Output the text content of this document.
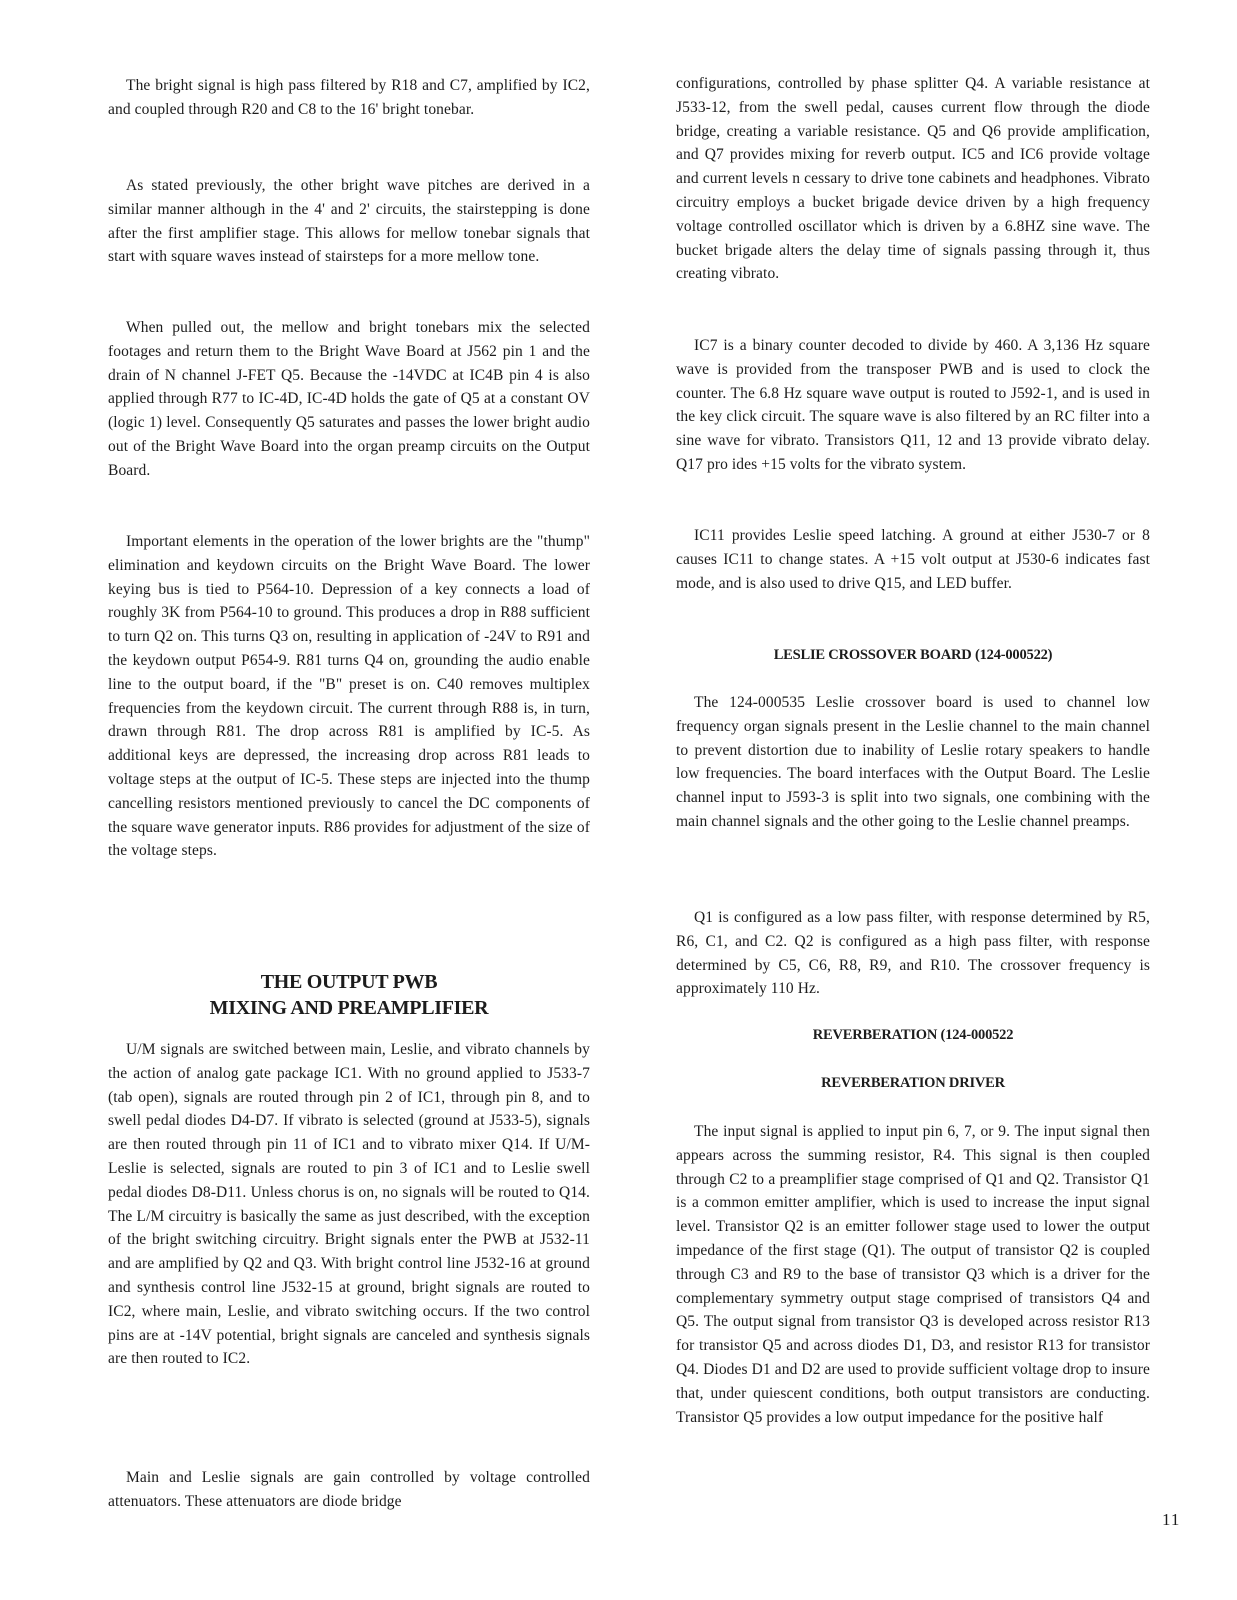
The bright signal is high pass filtered by R18 and C7, amplified by IC2, and coupled through R20 and C8 to the 16' bright tonebar.

As stated previously, the other bright wave pitches are derived in a similar manner although in the 4' and 2' circuits, the stairstepping is done after the first amplifier stage. This allows for mellow tonebar signals that start with square waves instead of stairsteps for a more mellow tone.

When pulled out, the mellow and bright tonebars mix the selected footages and return them to the Bright Wave Board at J562 pin 1 and the drain of N channel J-FET Q5. Because the -14VDC at IC4B pin 4 is also applied through R77 to IC-4D, IC-4D holds the gate of Q5 at a constant OV (logic 1) level. Consequently Q5 saturates and passes the lower bright audio out of the Bright Wave Board into the organ preamp circuits on the Output Board.

Important elements in the operation of the lower brights are the "thump" elimination and keydown circuits on the Bright Wave Board. The lower keying bus is tied to P564-10. Depression of a key connects a load of roughly 3K from P564-10 to ground. This produces a drop in R88 sufficient to turn Q2 on. This turns Q3 on, resulting in application of -24V to R91 and the keydown output P654-9. R81 turns Q4 on, grounding the audio enable line to the output board, if the "B" preset is on. C40 removes multiplex frequencies from the keydown circuit. The current through R88 is, in turn, drawn through R81. The drop across R81 is amplified by IC-5. As additional keys are depressed, the increasing drop across R81 leads to voltage steps at the output of IC-5. These steps are injected into the thump cancelling resistors mentioned previously to cancel the DC components of the square wave generator inputs. R86 provides for adjustment of the size of the voltage steps.

THE OUTPUT PWB
MIXING AND PREAMPLIFIER

U/M signals are switched between main, Leslie, and vibrato channels by the action of analog gate package IC1. With no ground applied to J533-7 (tab open), signals are routed through pin 2 of IC1, through pin 8, and to swell pedal diodes D4-D7. If vibrato is selected (ground at J533-5), signals are then routed through pin 11 of IC1 and to vibrato mixer Q14. If U/M-Leslie is selected, signals are routed to pin 3 of IC1 and to Leslie swell pedal diodes D8-D11. Unless chorus is on, no signals will be routed to Q14. The L/M circuitry is basically the same as just described, with the exception of the bright switching circuitry. Bright signals enter the PWB at J532-11 and are amplified by Q2 and Q3. With bright control line J532-16 at ground and synthesis control line J532-15 at ground, bright signals are routed to IC2, where main, Leslie, and vibrato switching occurs. If the two control pins are at -14V potential, bright signals are canceled and synthesis signals are then routed to IC2.

Main and Leslie signals are gain controlled by voltage controlled attenuators. These attenuators are diode bridge

configurations, controlled by phase splitter Q4. A variable resistance at J533-12, from the swell pedal, causes current flow through the diode bridge, creating a variable resistance. Q5 and Q6 provide amplification, and Q7 provides mixing for reverb output. IC5 and IC6 provide voltage and current levels n cessary to drive tone cabinets and headphones. Vibrato circuitry employs a bucket brigade device driven by a high frequency voltage controlled oscillator which is driven by a 6.8HZ sine wave. The bucket brigade alters the delay time of signals passing through it, thus creating vibrato.

IC7 is a binary counter decoded to divide by 460. A 3,136 Hz square wave is provided from the transposer PWB and is used to clock the counter. The 6.8 Hz square wave output is routed to J592-1, and is used in the key click circuit. The square wave is also filtered by an RC filter into a sine wave for vibrato. Transistors Q11, 12 and 13 provide vibrato delay. Q17 pro ides +15 volts for the vibrato system.

IC11 provides Leslie speed latching. A ground at either J530-7 or 8 causes IC11 to change states. A +15 volt output at J530-6 indicates fast mode, and is also used to drive Q15, and LED buffer.

LESLIE CROSSOVER BOARD (124-000522)

The 124-000535 Leslie crossover board is used to channel low frequency organ signals present in the Leslie channel to the main channel to prevent distortion due to inability of Leslie rotary speakers to handle low frequencies. The board interfaces with the Output Board. The Leslie channel input to J593-3 is split into two signals, one combining with the main channel signals and the other going to the Leslie channel preamps.

Q1 is configured as a low pass filter, with response determined by R5, R6, C1, and C2. Q2 is configured as a high pass filter, with response determined by C5, C6, R8, R9, and R10. The crossover frequency is approximately 110 Hz.

REVERBERATION (124-000522
REVERBERATION DRIVER

The input signal is applied to input pin 6, 7, or 9. The input signal then appears across the summing resistor, R4. This signal is then coupled through C2 to a preamplifier stage comprised of Q1 and Q2. Transistor Q1 is a common emitter amplifier, which is used to increase the input signal level. Transistor Q2 is an emitter follower stage used to lower the output impedance of the first stage (Q1). The output of transistor Q2 is coupled through C3 and R9 to the base of transistor Q3 which is a driver for the complementary symmetry output stage comprised of transistors Q4 and Q5. The output signal from transistor Q3 is developed across resistor R13 for transistor Q5 and across diodes D1, D3, and resistor R13 for transistor Q4. Diodes D1 and D2 are used to provide sufficient voltage drop to insure that, under quiescent conditions, both output transistors are conducting. Transistor Q5 provides a low output impedance for the positive half

11
